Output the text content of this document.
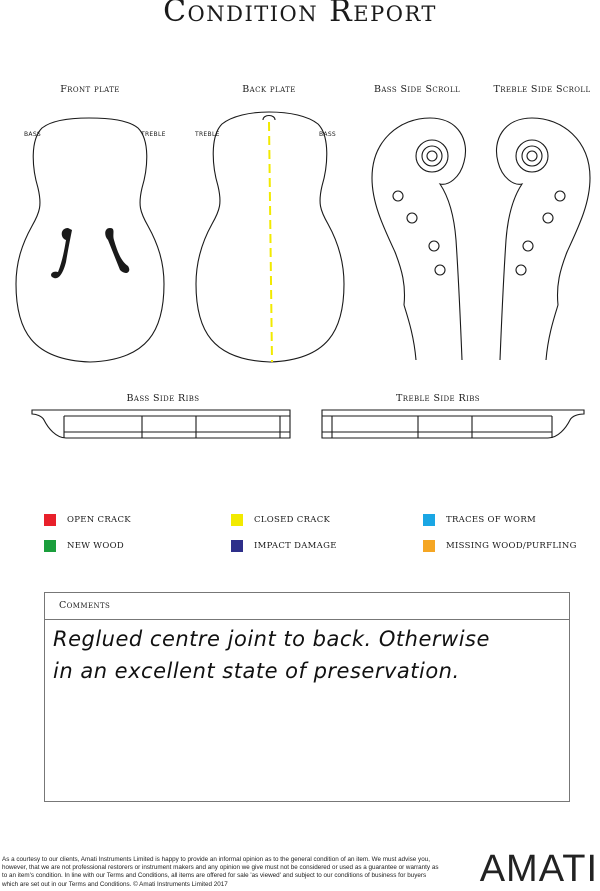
Condition Report
Front plate	Back plate	Bass Side Scroll	Treble Side Scroll
BASS	TREBLE	TREBLE	BASS
Bass Side Ribs	Treble Side Ribs
OPEN CRACK	CLOSED CRACK	TRACES OF WORM
NEW WOOD	IMPACT DAMAGE	MISSING WOOD/PURFLING
Comments
Reglued centre joint to back. Otherwise
in an excellent state of preservation.
As a courtesy to our clients, Amati Instruments Limited is happy to provide an informal opinion as to the general condition of an item. We must advise you, however, that we are not professional restorers or instrument makers and any opinion we give must not be considered or used as a guarantee or warranty as to an item's condition. In line with our Terms and Conditions, all items are offered for sale 'as viewed' and subject to our conditions of business for buyers which are set out in our Terms and Conditions. © Amati Instruments Limited 2017	AMATI
